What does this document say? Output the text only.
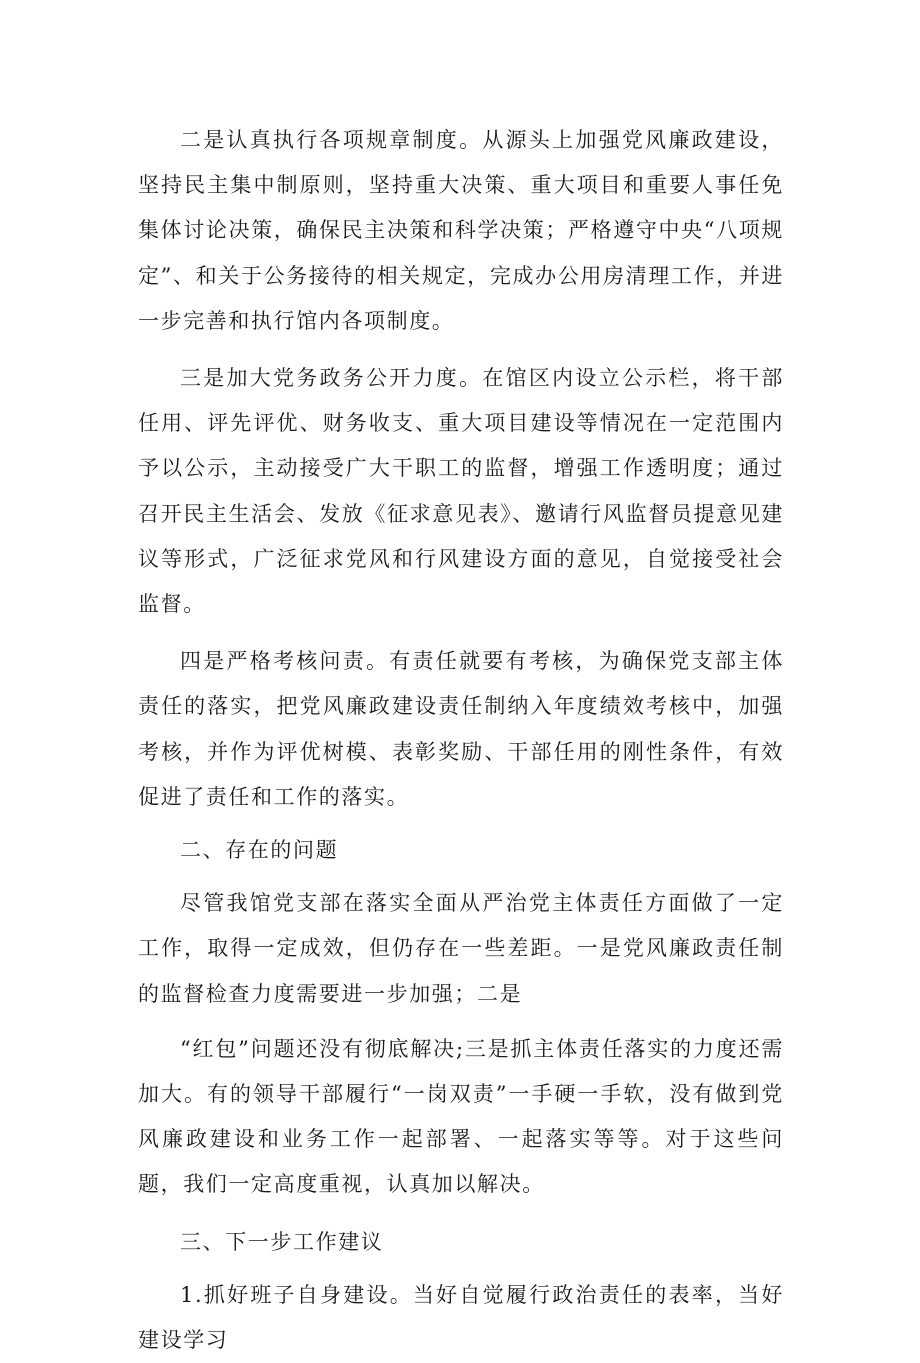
二是认真执行各项规章制度。从源头上加强党风廉政建设，坚持民主集中制原则，坚持重大决策、重大项目和重要人事任免集体讨论决策，确保民主决策和科学决策；严格遵守中央“八项规定”、和关于公务接待的相关规定，完成办公用房清理工作，并进一步完善和执行馆内各项制度。

三是加大党务政务公开力度。在馆区内设立公示栏，将干部任用、评先评优、财务收支、重大项目建设等情况在一定范围内予以公示，主动接受广大干职工的监督，增强工作透明度；通过召开民主生活会、发放《征求意见表》、邀请行风监督员提意见建议等形式，广泛征求党风和行风建设方面的意见，自觉接受社会监督。

四是严格考核问责。有责任就要有考核，为确保党支部主体责任的落实，把党风廉政建设责任制纳入年度绩效考核中，加强考核，并作为评优树模、表彰奖励、干部任用的刚性条件，有效促进了责任和工作的落实。

二、存在的问题

尽管我馆党支部在落实全面从严治党主体责任方面做了一定工作，取得一定成效，但仍存在一些差距。一是党风廉政责任制的监督检查力度需要进一步加强；二是

“红包”问题还没有彻底解决;三是抓主体责任落实的力度还需加大。有的领导干部履行“一岗双责”一手硬一手软，没有做到党风廉政建设和业务工作一起部署、一起落实等等。对于这些问题，我们一定高度重视，认真加以解决。

三、下一步工作建议

1.抓好班子自身建设。当好自觉履行政治责任的表率，当好建设学习
